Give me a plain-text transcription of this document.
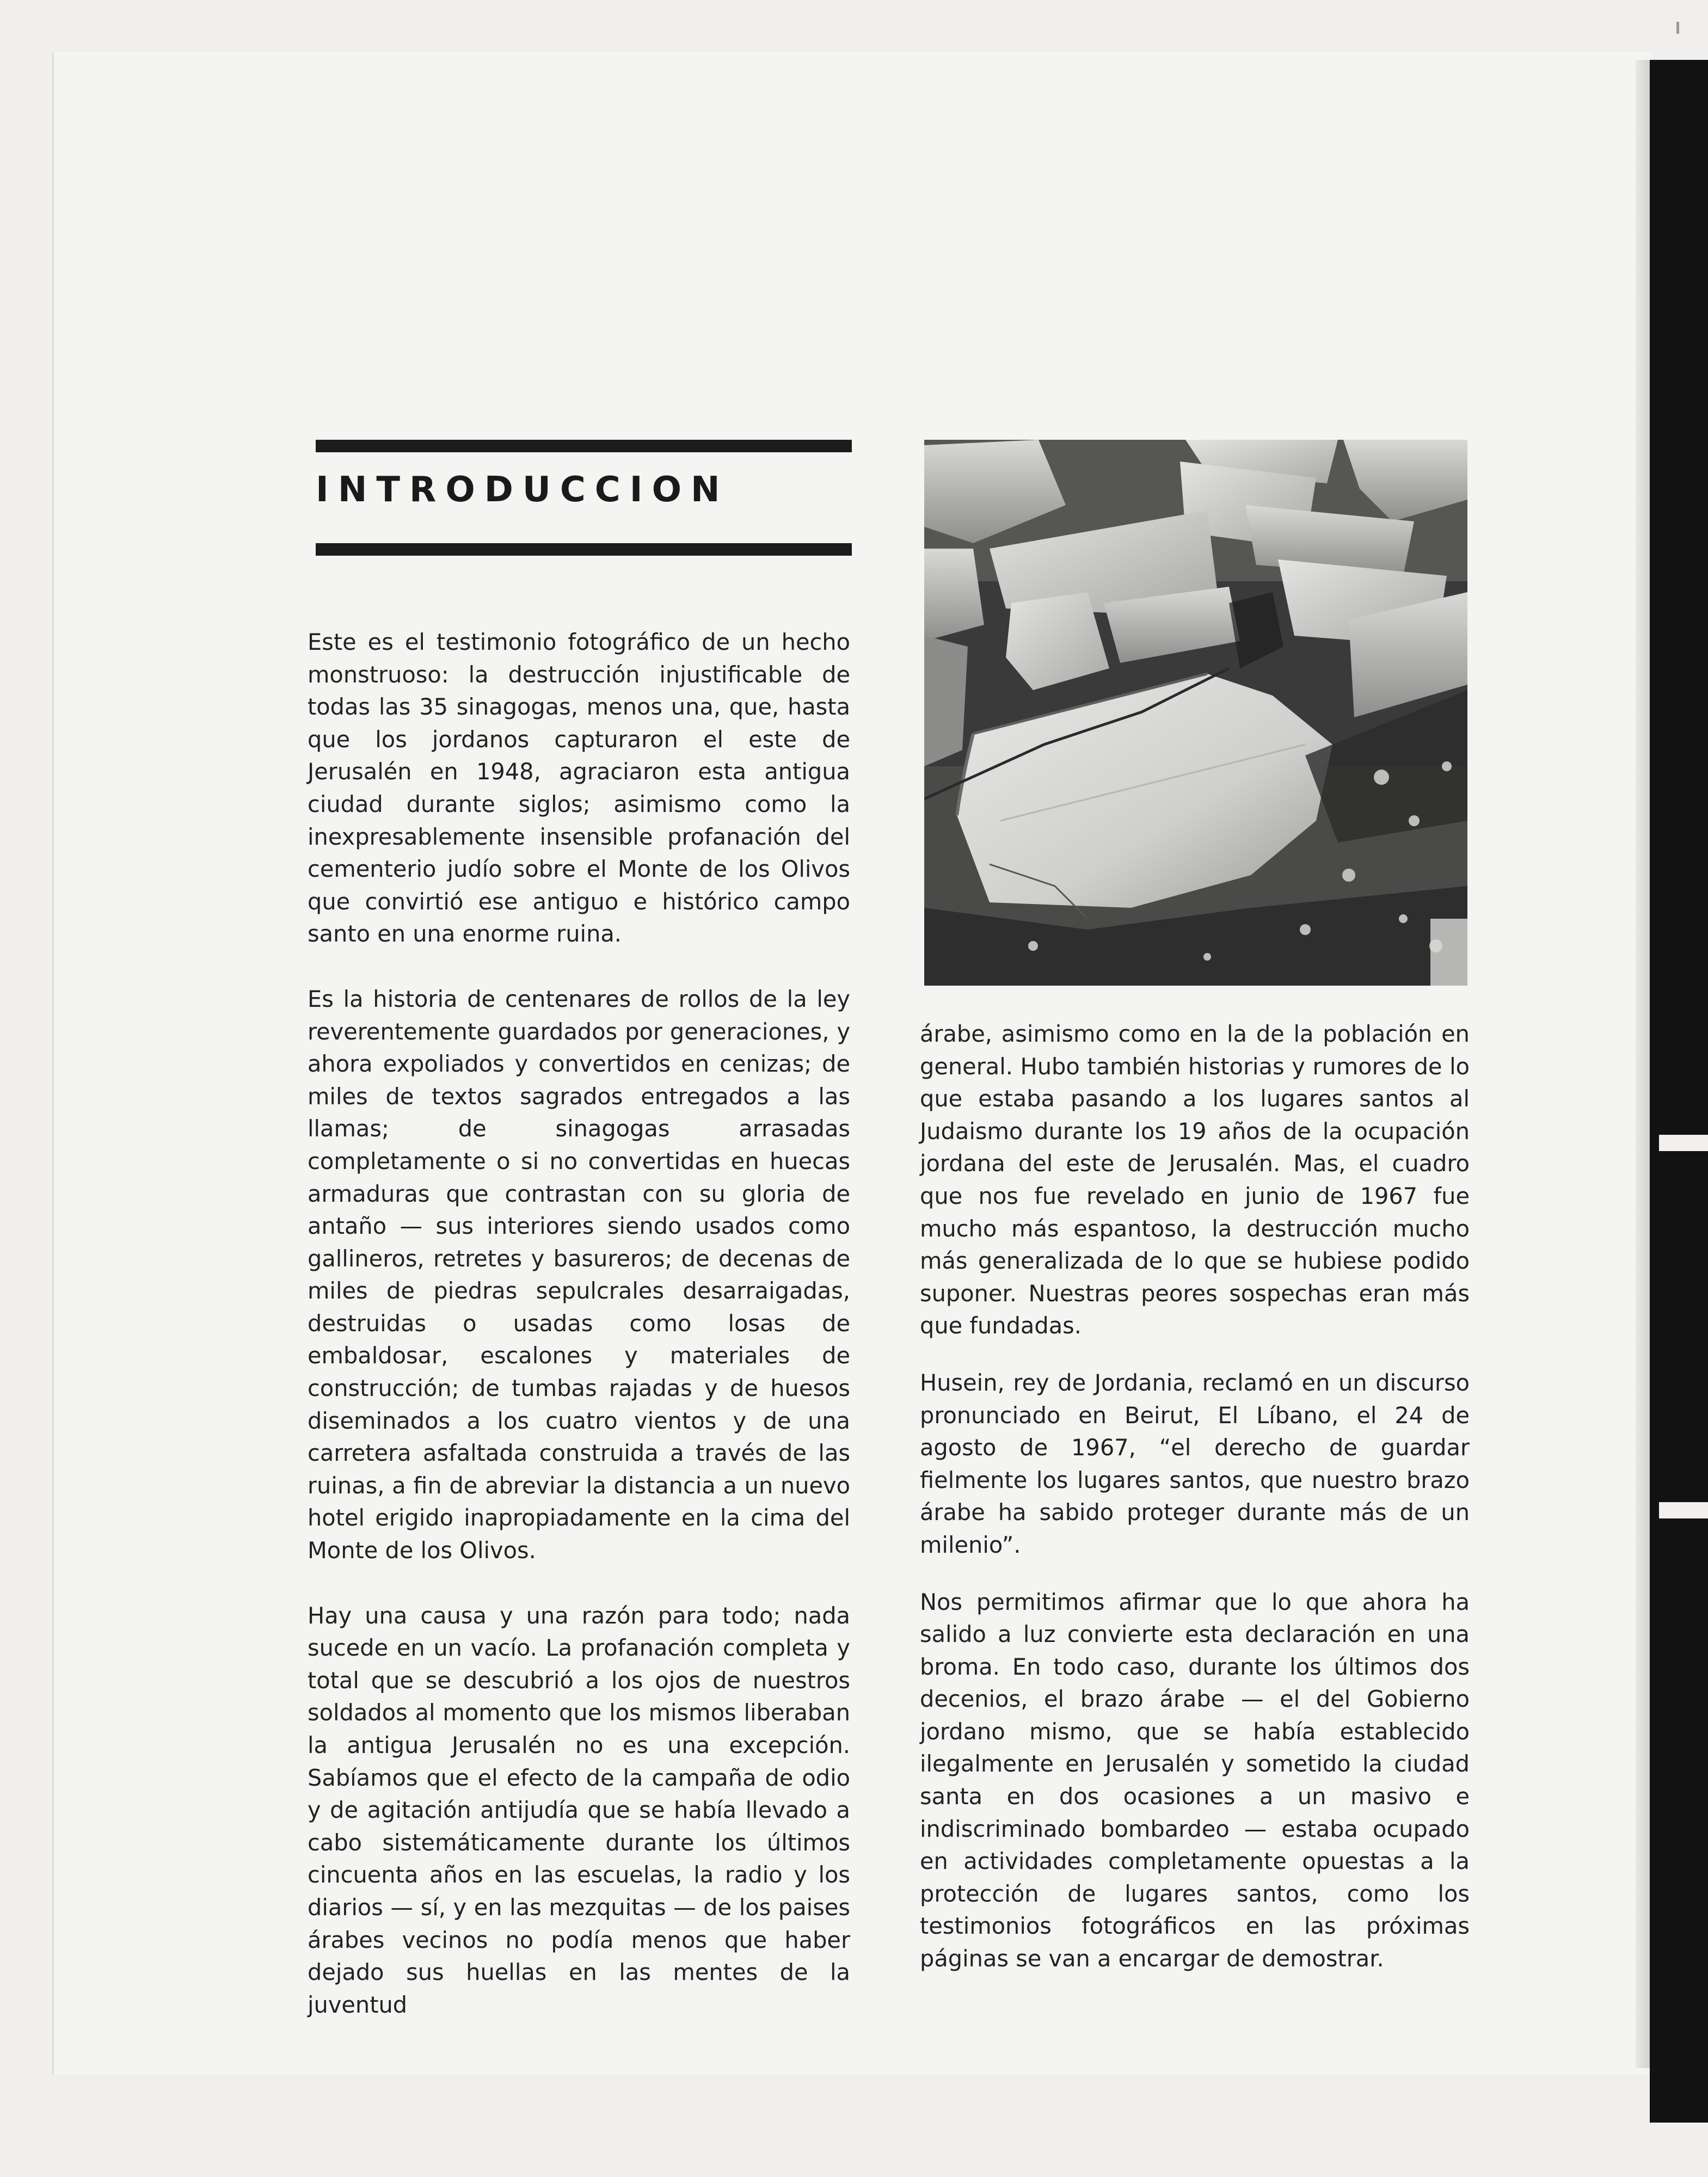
INTRODUCCION

Este es el testimonio fotográfico de un hecho monstruoso: la destrucción injustificable de todas las 35 sinagogas, menos una, que, hasta que los jordanos capturaron el este de Jerusalén en 1948, agraciaron esta antigua ciudad durante siglos; asimismo como la inexpresablemente insensible profanación del cementerio judío sobre el Monte de los Olivos que convirtió ese antiguo e histórico campo santo en una enorme ruina.

Es la historia de centenares de rollos de la ley reverentemente guardados por generaciones, y ahora expoliados y convertidos en cenizas; de miles de textos sagrados entregados a las llamas; de sinagogas arrasadas completamente o si no convertidas en huecas armaduras que contrastan con su gloria de antaño — sus interiores siendo usados como gallineros, retretes y basureros; de decenas de miles de piedras sepulcrales desarraigadas, destruidas o usadas como losas de embaldosar, escalones y materiales de construcción; de tumbas rajadas y de huesos diseminados a los cuatro vientos y de una carretera asfaltada construida a través de las ruinas, a fin de abreviar la distancia a un nuevo hotel erigido inapropiadamente en la cima del Monte de los Olivos.

Hay una causa y una razón para todo; nada sucede en un vacío. La profanación completa y total que se descubrió a los ojos de nuestros soldados al momento que los mismos liberaban la antigua Jerusalén no es una excepción. Sabíamos que el efecto de la campaña de odio y de agitación antijudía que se había llevado a cabo sistemáticamente durante los últimos cincuenta años en las escuelas, la radio y los diarios — sí, y en las mezquitas — de los paises árabes vecinos no podía menos que haber dejado sus huellas en las mentes de la juventud

árabe, asimismo como en la de la población en general. Hubo también historias y rumores de lo que estaba pasando a los lugares santos al Judaismo durante los 19 años de la ocupación jordana del este de Jerusalén. Mas, el cuadro que nos fue revelado en junio de 1967 fue mucho más espantoso, la destrucción mucho más generalizada de lo que se hubiese podido suponer. Nuestras peores sospechas eran más que fundadas.

Husein, rey de Jordania, reclamó en un discurso pronunciado en Beirut, El Líbano, el 24 de agosto de 1967, “el derecho de guardar fielmente los lugares santos, que nuestro brazo árabe ha sabido proteger durante más de un milenio”.

Nos permitimos afirmar que lo que ahora ha salido a luz convierte esta declaración en una broma. En todo caso, durante los últimos dos decenios, el brazo árabe — el del Gobierno jordano mismo, que se había establecido ilegalmente en Jerusalén y sometido la ciudad santa en dos ocasiones a un masivo e indiscriminado bombardeo — estaba ocupado en actividades completamente opuestas a la protección de lugares santos, como los testimonios fotográficos en las próximas páginas se van a encargar de demostrar.
